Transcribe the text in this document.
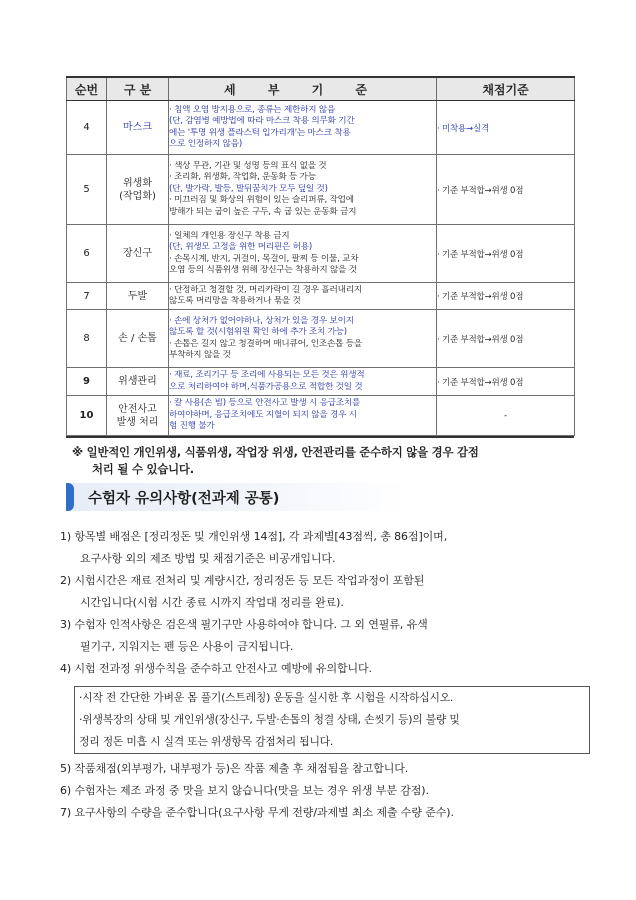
순번	구 분	세 부 기 준	채점기준
4	마스크	· 침액 오염 방지용으로, 종류는 제한하지 않음
(단, 감염병 예방법에 따라 마스크 착용 의무화 기간
에는 '투명 위생 플라스틱 입가리개'는 마스크 착용
으로 인정하지 않음)	· 미착용→실격
5	위생화
(작업화)	· 색상 무관, 기관 및 성명 등의 표식 없을 것
· 조리화, 위생화, 작업화, 운동화 등 가능
(단, 발가락, 발등, 발뒤꿈치가 모두 덮일 것)
· 미끄러짐 및 화상의 위험이 있는 슬리퍼류, 작업에
방해가 되는 굽이 높은 구두, 속 굽 있는 운동화 금지	· 기준 부적합→위생 0점
6	장신구	· 일체의 개인용 장신구 착용 금지
(단, 위생모 고정을 위한 머리핀은 허용)
· 손목시계, 반지, 귀걸이, 목걸이, 팔찌 등 이물, 교차
오염 등의 식품위생 위해 장신구는 착용하지 않을 것	· 기준 부적합→위생 0점
7	두발	· 단정하고 청결할 것, 머리카락이 길 경우 흘러내리지
않도록 머리망을 착용하거나 묶을 것	· 기준 부적합→위생 0점
8	손 / 손톱	· 손에 상처가 없어야하나, 상처가 있을 경우 보이지
않도록 할 것(시험위원 확인 하에 추가 조치 가능)
· 손톱은 길지 않고 청결하며 매니큐어, 인조손톱 등을
부착하지 않을 것	· 기준 부적합→위생 0점
9	위생관리	· 재료, 조리기구 등 조리에 사용되는 모든 것은 위생적
으로 처리하여야 하며,식품가공용으로 적합한 것일 것	· 기준 부적합→위생 0점
10	안전사고
발생 처리	· 칼 사용(손 빔) 등으로 안전사고 발생 시 응급조치를
하여야하며, 응급조치에도 지혈이 되지 않을 경우 시
험 진행 불가	-
※ 일반적인 개인위생, 식품위생, 작업장 위생, 안전관리를 준수하지 않을 경우 감점
처리 될 수 있습니다.
수험자 유의사항(전과제 공통)
1) 항목별 배점은 [정리정돈 및 개인위생 14점], 각 과제별[43점씩, 총 86점]이며,
요구사항 외의 제조 방법 및 채점기준은 비공개입니다.
2) 시험시간은 재료 전처리 및 계량시간, 정리정돈 등 모든 작업과정이 포함된
시간입니다(시험 시간 종료 시까지 작업대 정리를 완료).
3) 수험자 인적사항은 검은색 필기구만 사용하여야 합니다. 그 외 연필류, 유색
필기구, 지워지는 펜 등은 사용이 금지됩니다.
4) 시험 전과정 위생수칙을 준수하고 안전사고 예방에 유의합니다.
·시작 전 간단한 가벼운 몸 풀기(스트레칭) 운동을 실시한 후 시험을 시작하십시오.
·위생복장의 상태 및 개인위생(장신구, 두발·손톱의 청결 상태, 손씻기 등)의 불량 및
정리 정돈 미흡 시 실격 또는 위생항목 감점처리 됩니다.
5) 작품채점(외부평가, 내부평가 등)은 작품 제출 후 채점됨을 참고합니다.
6) 수험자는 제조 과정 중 맛을 보지 않습니다(맛을 보는 경우 위생 부분 감점).
7) 요구사항의 수량을 준수합니다(요구사항 무게 전량/과제별 최소 제출 수량 준수).
